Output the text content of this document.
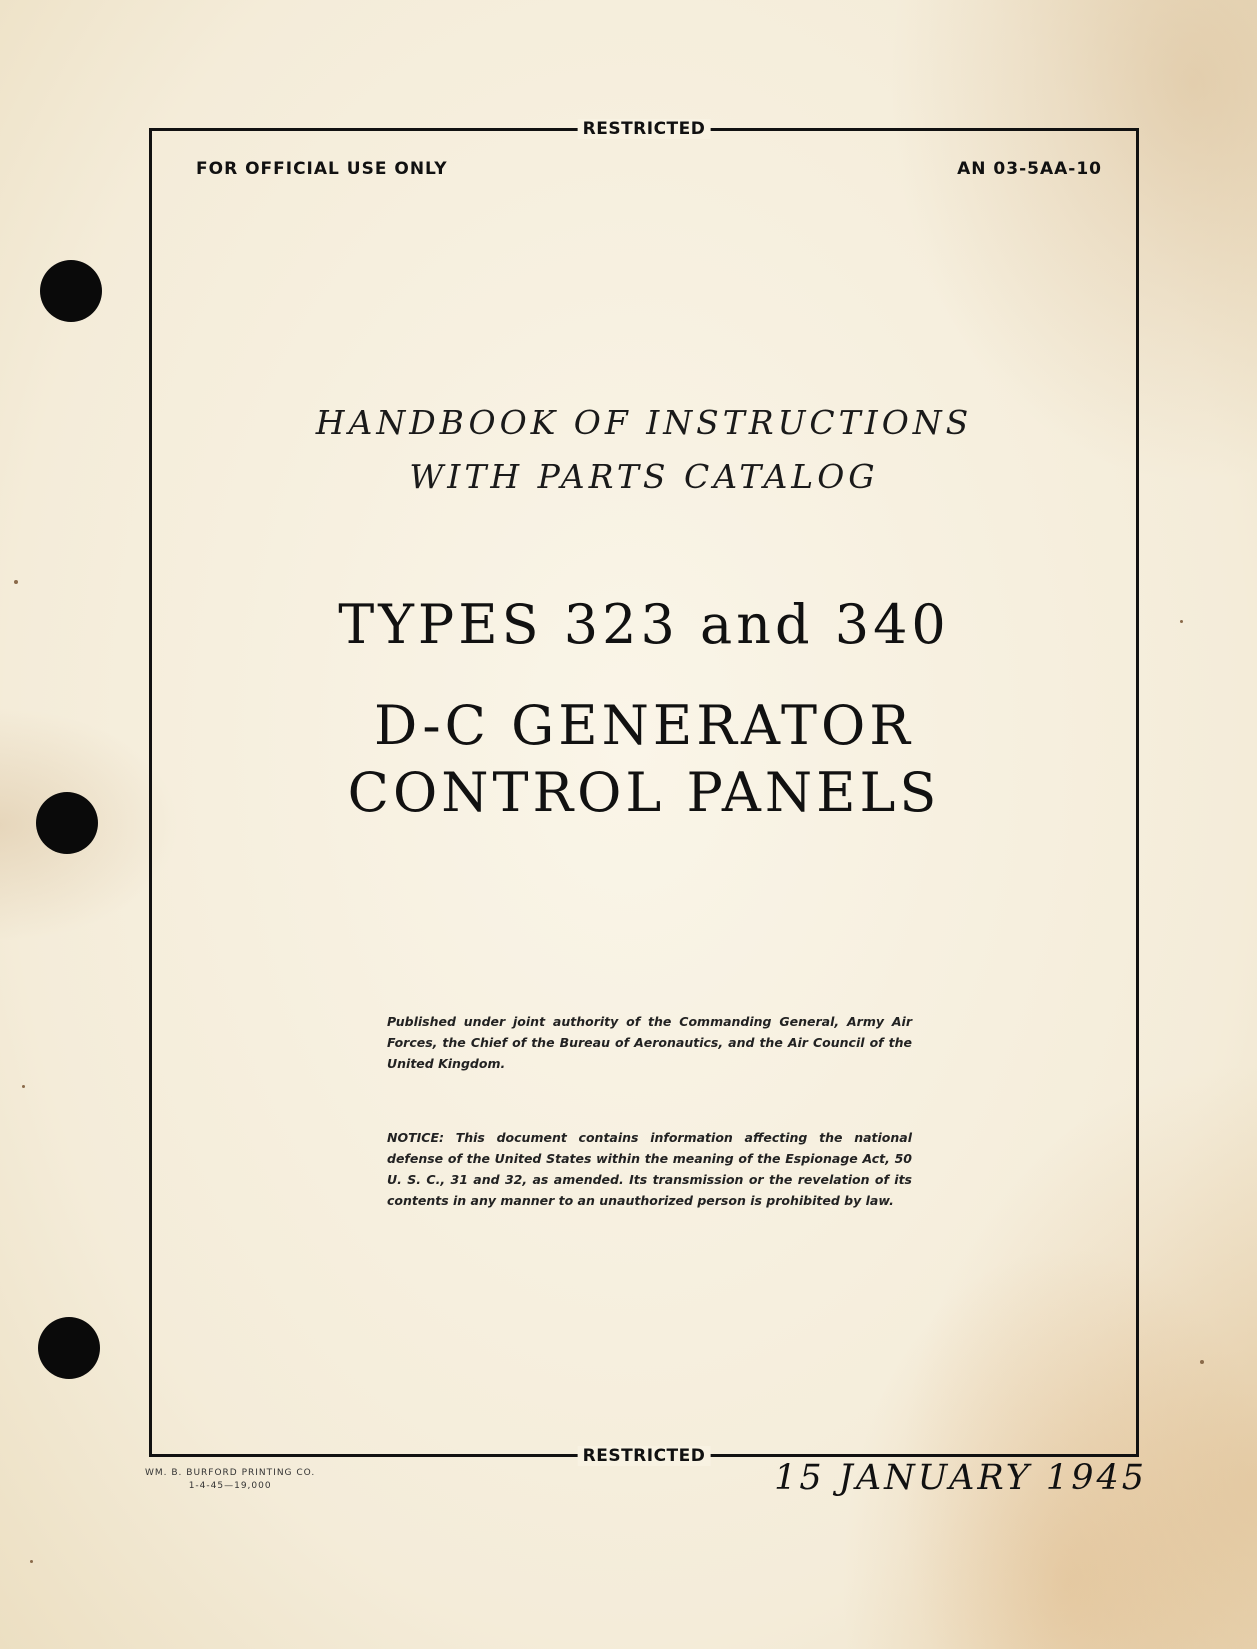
RESTRICTED
FOR OFFICIAL USE ONLY	AN 03-5AA-10
HANDBOOK OF INSTRUCTIONS
WITH PARTS CATALOG
TYPES 323 and 340
D-C GENERATOR
CONTROL PANELS
Published under joint authority of the Commanding General, Army Air Forces, the Chief of the Bureau of Aeronautics, and the Air Council of the United Kingdom.
NOTICE: This document contains information affecting the national defense of the United States within the meaning of the Espionage Act, 50 U. S. C., 31 and 32, as amended. Its transmission or the revelation of its contents in any manner to an unauthorized person is prohibited by law.
RESTRICTED
WM. B. BURFORD PRINTING CO.
1-4-45—19,000	15 JANUARY 1945
